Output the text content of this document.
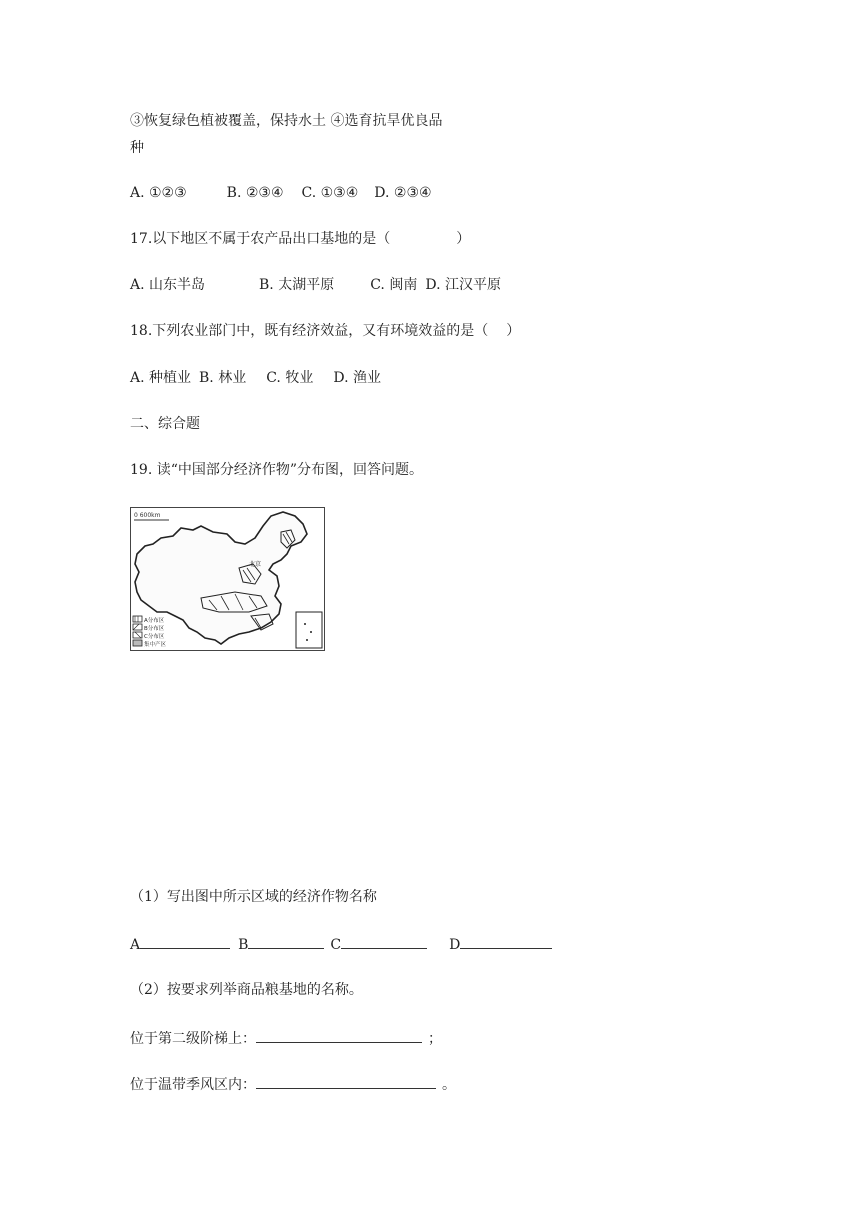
③恢复绿色植被覆盖，保持水土 ④选育抗旱优良品
种
A. ①②③	B. ②③④ C. ①③④ D. ②③④
17.以下地区不属于农产品出口基地的是（	）
A. 山东半岛	B. 太湖平原	C. 闽南 D. 江汉平原
18.下列农业部门中，既有经济效益，又有环境效益的是（ ）
A. 种植业 B. 林业 C. 牧业 D. 渔业
二、综合题
19. 读“中国部分经济作物”分布图，回答问题。
0 600km
北京
A分布区
B分布区
C分布区
集中产区
（1）写出图中所示区域的经济作物名称
A	B	C	D
（2）按要求列举商品粮基地的名称。
位于第二级阶梯上：	；
位于温带季风区内：	。
